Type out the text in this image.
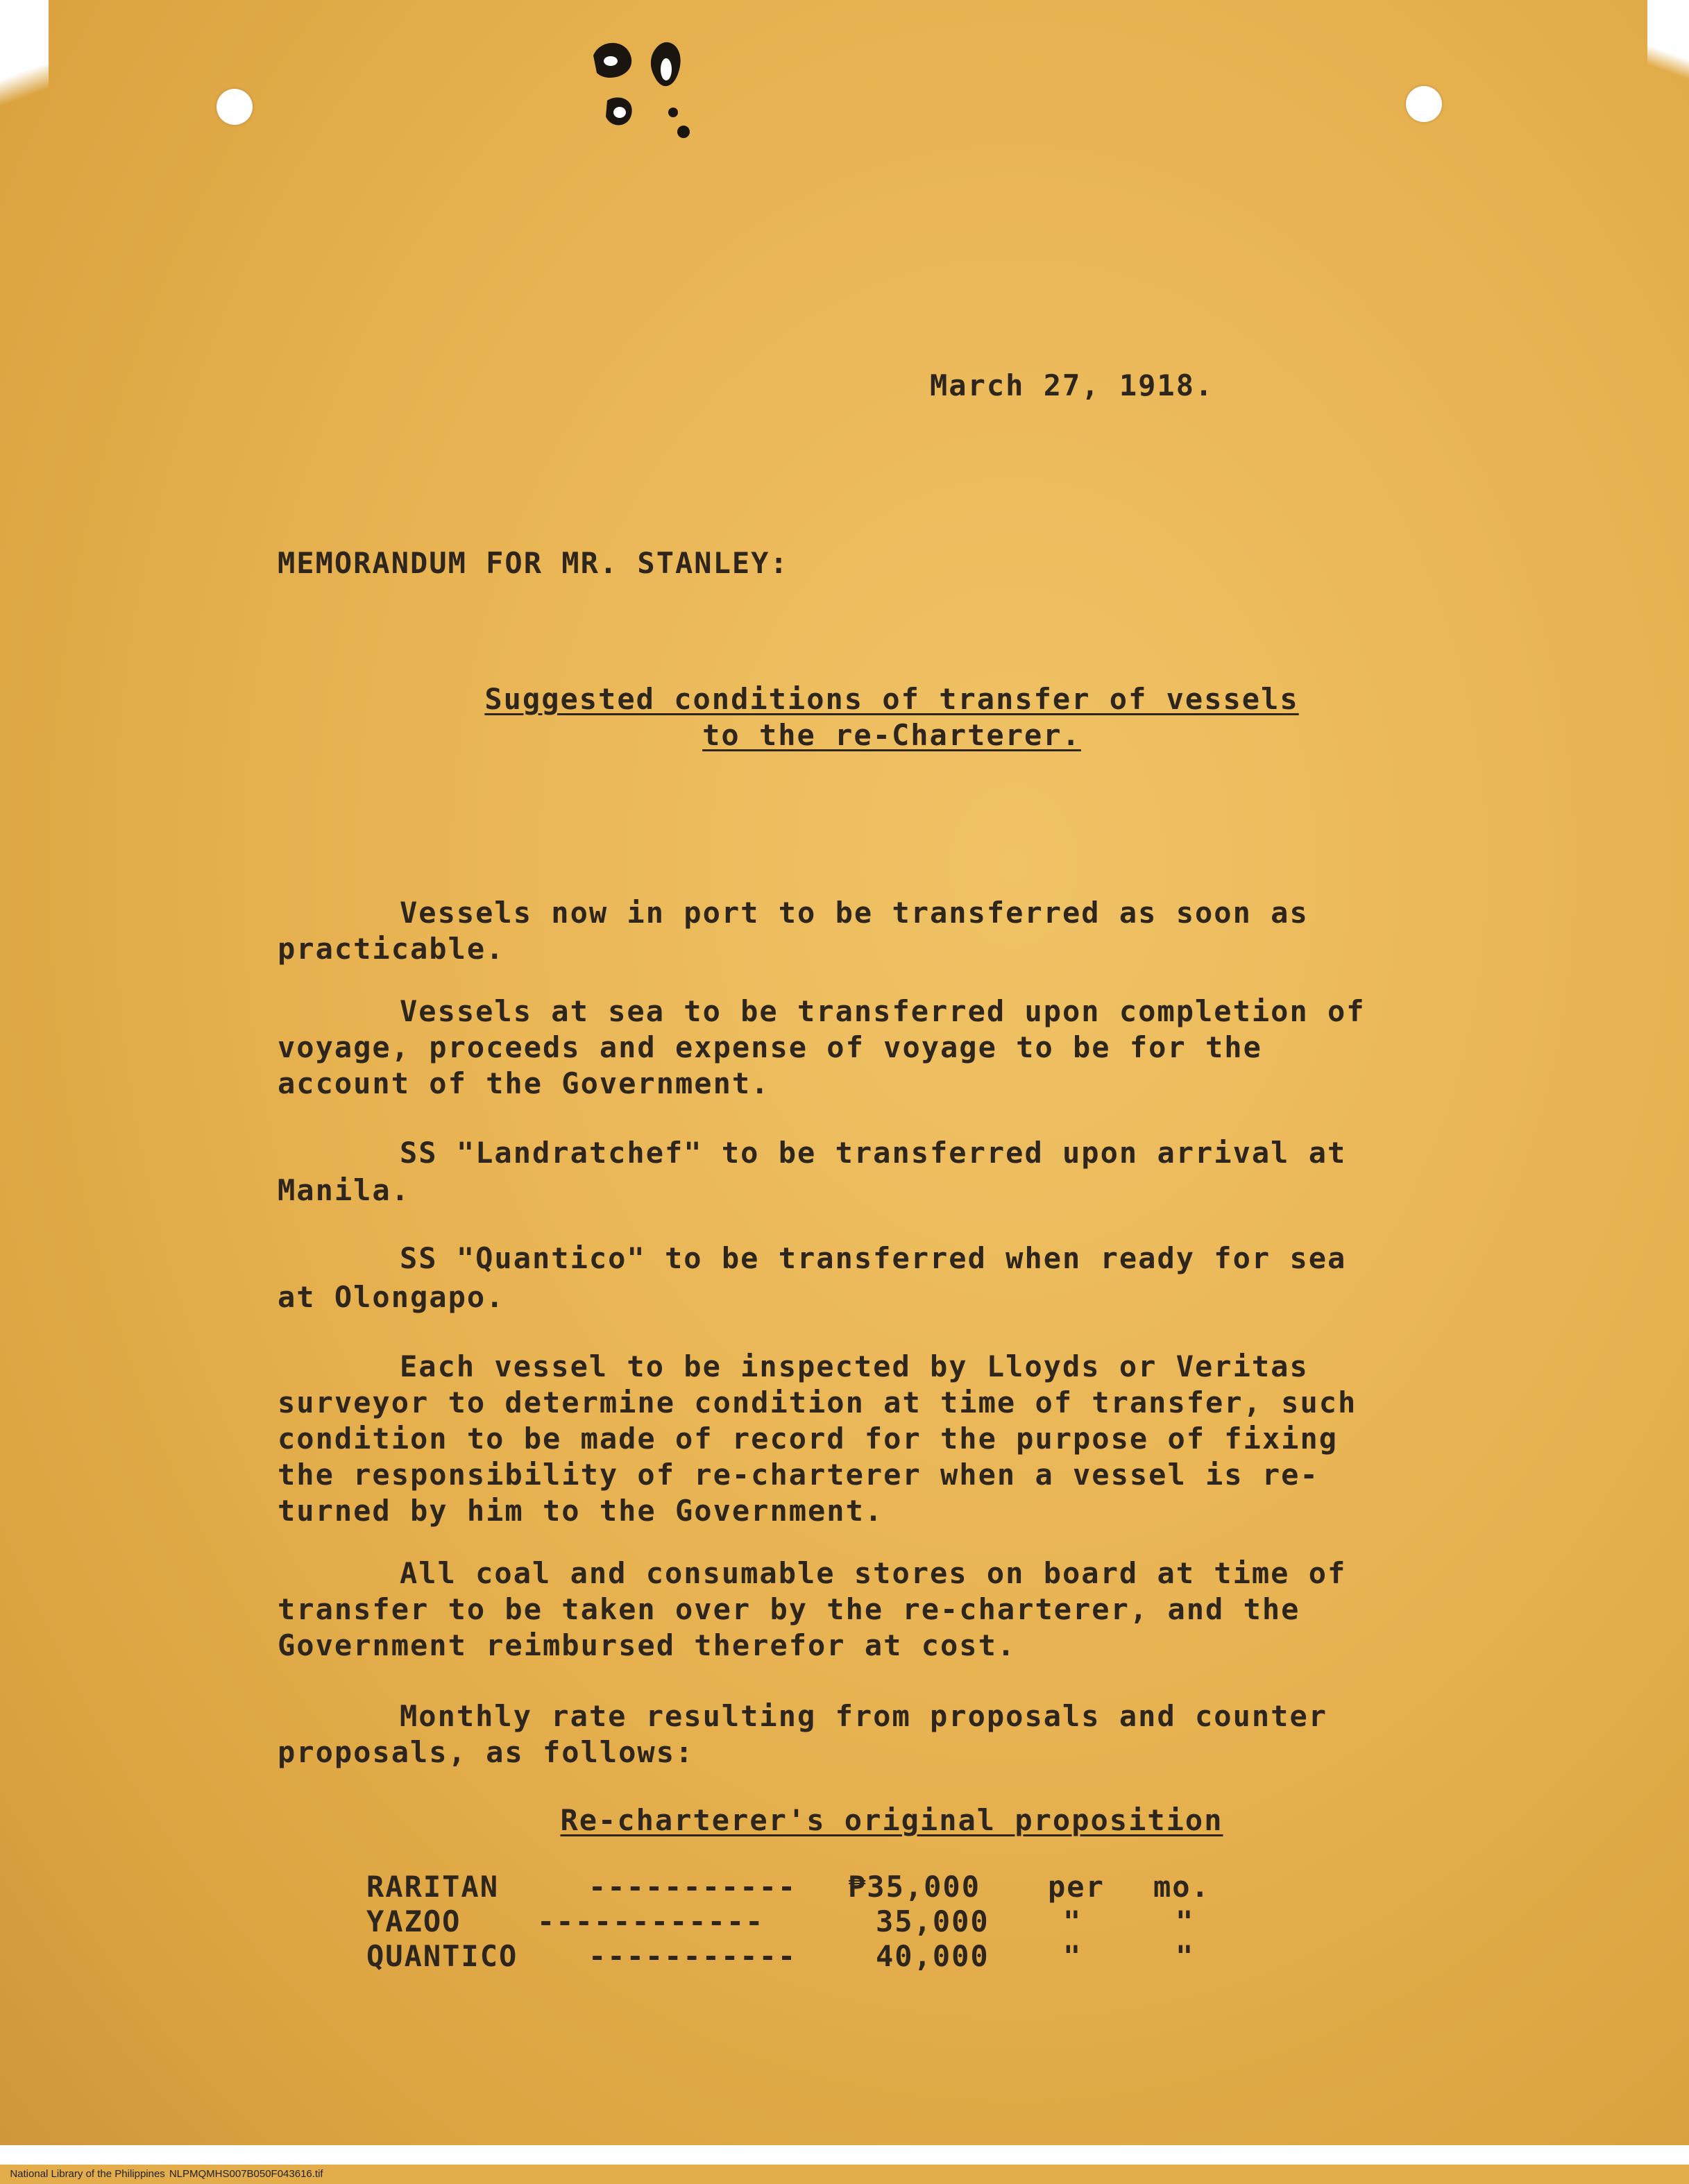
March 27, 1918.
MEMORANDUM FOR MR. STANLEY:
Suggested conditions of transfer of vessels
to the re-Charterer.
Vessels now in port to be transferred as soon as
practicable.
Vessels at sea to be transferred upon completion of
voyage, proceeds and expense of voyage to be for the
account of the Government.
SS "Landratchef" to be transferred upon arrival at
Manila.
SS "Quantico" to be transferred when ready for sea
at Olongapo.
Each vessel to be inspected by Lloyds or Veritas
surveyor to determine condition at time of transfer, such
condition to be made of record for the purpose of fixing
the responsibility of re-charterer when a vessel is re-
turned by him to the Government.
All coal and consumable stores on board at time of
transfer to be taken over by the re-charterer, and the
Government reimbursed therefor at cost.
Monthly rate resulting from proposals and counter
proposals, as follows:
Re-charterer's original proposition
RARITAN	----------- ₱35,000 per mo.
YAZOO	------------	35,000	"	"
QUANTICO -----------	40,000	"	"

National Library of the Philippines NLPMQMHS007B050F043616.tif
